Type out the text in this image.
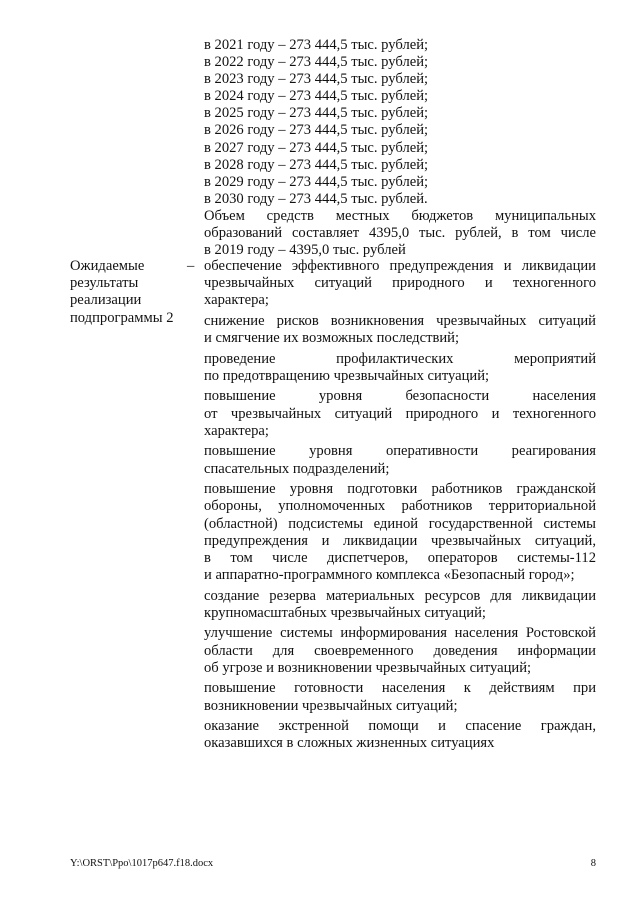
в 2021 году – 273 444,5 тыс. рублей;
в 2022 году – 273 444,5 тыс. рублей;
в 2023 году – 273 444,5 тыс. рублей;
в 2024 году – 273 444,5 тыс. рублей;
в 2025 году – 273 444,5 тыс. рублей;
в 2026 году – 273 444,5 тыс. рублей;
в 2027 году – 273 444,5 тыс. рублей;
в 2028 году – 273 444,5 тыс. рублей;
в 2029 году – 273 444,5 тыс. рублей;
в 2030 году – 273 444,5 тыс. рублей.
Объем средств местных бюджетов муниципальных
образований составляет 4395,0 тыс. рублей, в том числе
в 2019 году – 4395,0 тыс. рублей
Ожидаемые результаты реализации подпрограммы 2
– обеспечение эффективного предупреждения и ликвидации
чрезвычайных ситуаций природного и техногенного
характера;
снижение рисков возникновения чрезвычайных ситуаций
и смягчение их возможных последствий;
проведение профилактических мероприятий
по предотвращению чрезвычайных ситуаций;
повышение уровня безопасности населения
от чрезвычайных ситуаций природного и техногенного
характера;
повышение уровня оперативности реагирования
спасательных подразделений;
повышение уровня подготовки работников гражданской
обороны, уполномоченных работников территориальной
(областной) подсистемы единой государственной системы
предупреждения и ликвидации чрезвычайных ситуаций,
в том числе диспетчеров, операторов системы-112
и аппаратно-программного комплекса «Безопасный город»;
создание резерва материальных ресурсов для ликвидации
крупномасштабных чрезвычайных ситуаций;
улучшение системы информирования населения Ростовской
области для своевременного доведения информации
об угрозе и возникновении чрезвычайных ситуаций;
повышение готовности населения к действиям при
возникновении чрезвычайных ситуаций;
оказание экстренной помощи и спасение граждан,
оказавшихся в сложных жизненных ситуациях
Y:\ORST\Ppo\1017p647.f18.docx	8
